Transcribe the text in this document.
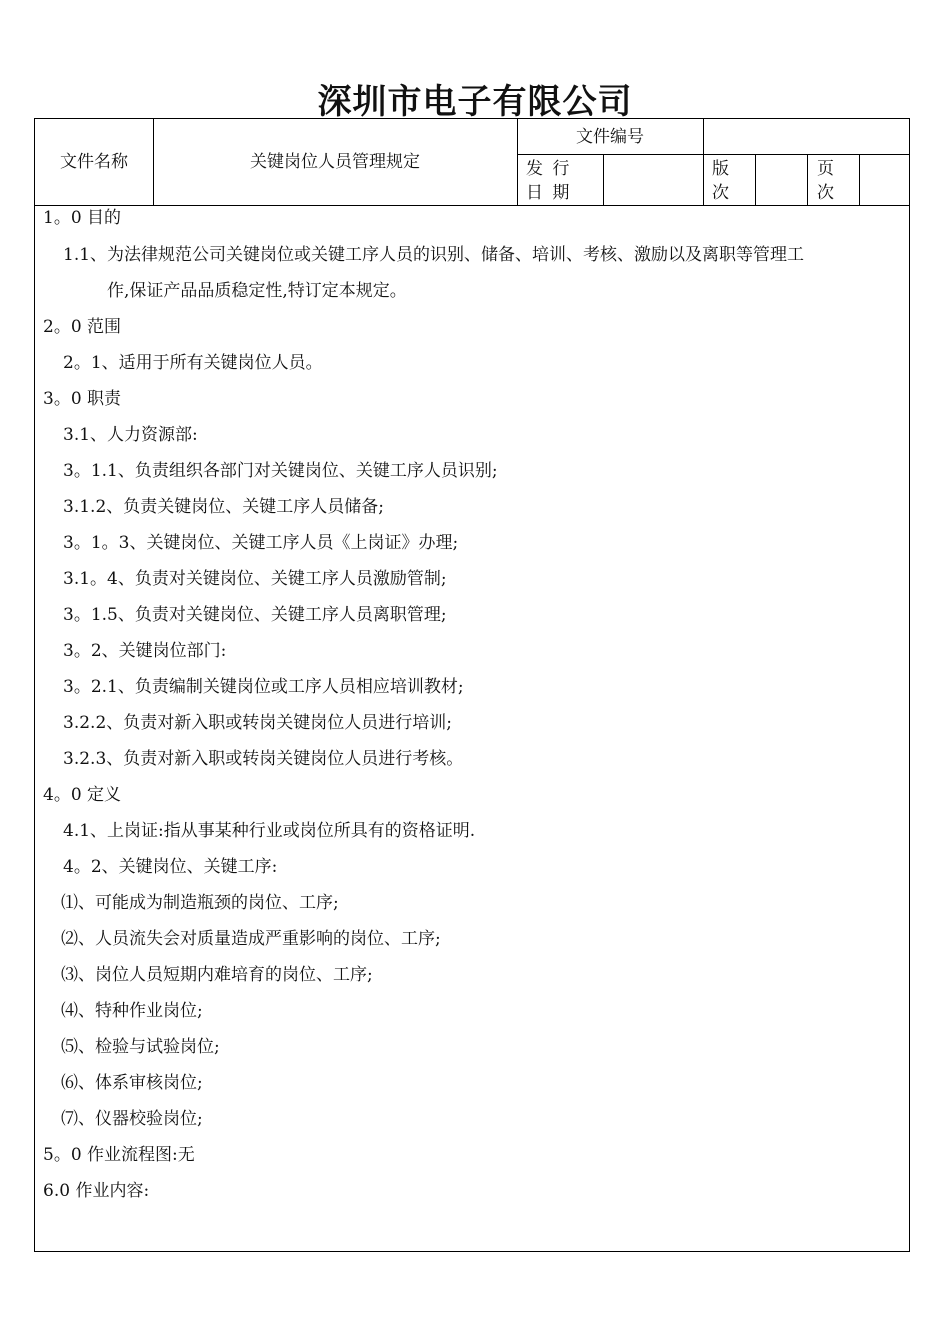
深圳市电子有限公司
文件名称	关键岗位人员管理规定
文件编号
发 行 日 期
版 次
页 次
1。0 目的
1.1、为法律规范公司关键岗位或关键工序人员的识别、储备、培训、考核、激励以及离职等管理工
作,保证产品品质稳定性,特订定本规定。
2。0 范围
2。1、适用于所有关键岗位人员。
3。0 职责
3.1、人力资源部:
3。1.1、负责组织各部门对关键岗位、关键工序人员识别;
3.1.2、负责关键岗位、关键工序人员储备;
3。1。3、关键岗位、关键工序人员《上岗证》办理;
3.1。4、负责对关键岗位、关键工序人员激励管制;
3。1.5、负责对关键岗位、关键工序人员离职管理;
3。2、关键岗位部门:
3。2.1、负责编制关键岗位或工序人员相应培训教材;
3.2.2、负责对新入职或转岗关键岗位人员进行培训;
3.2.3、负责对新入职或转岗关键岗位人员进行考核。
4。0 定义
4.1、上岗证:指从事某种行业或岗位所具有的资格证明.
4。2、关键岗位、关键工序:
⑴、可能成为制造瓶颈的岗位、工序;
⑵、人员流失会对质量造成严重影响的岗位、工序;
⑶、岗位人员短期内难培育的岗位、工序;
⑷、特种作业岗位;
⑸、检验与试验岗位;
⑹、体系审核岗位;
⑺、仪器校验岗位;
5。0 作业流程图:无
6.0 作业内容:
